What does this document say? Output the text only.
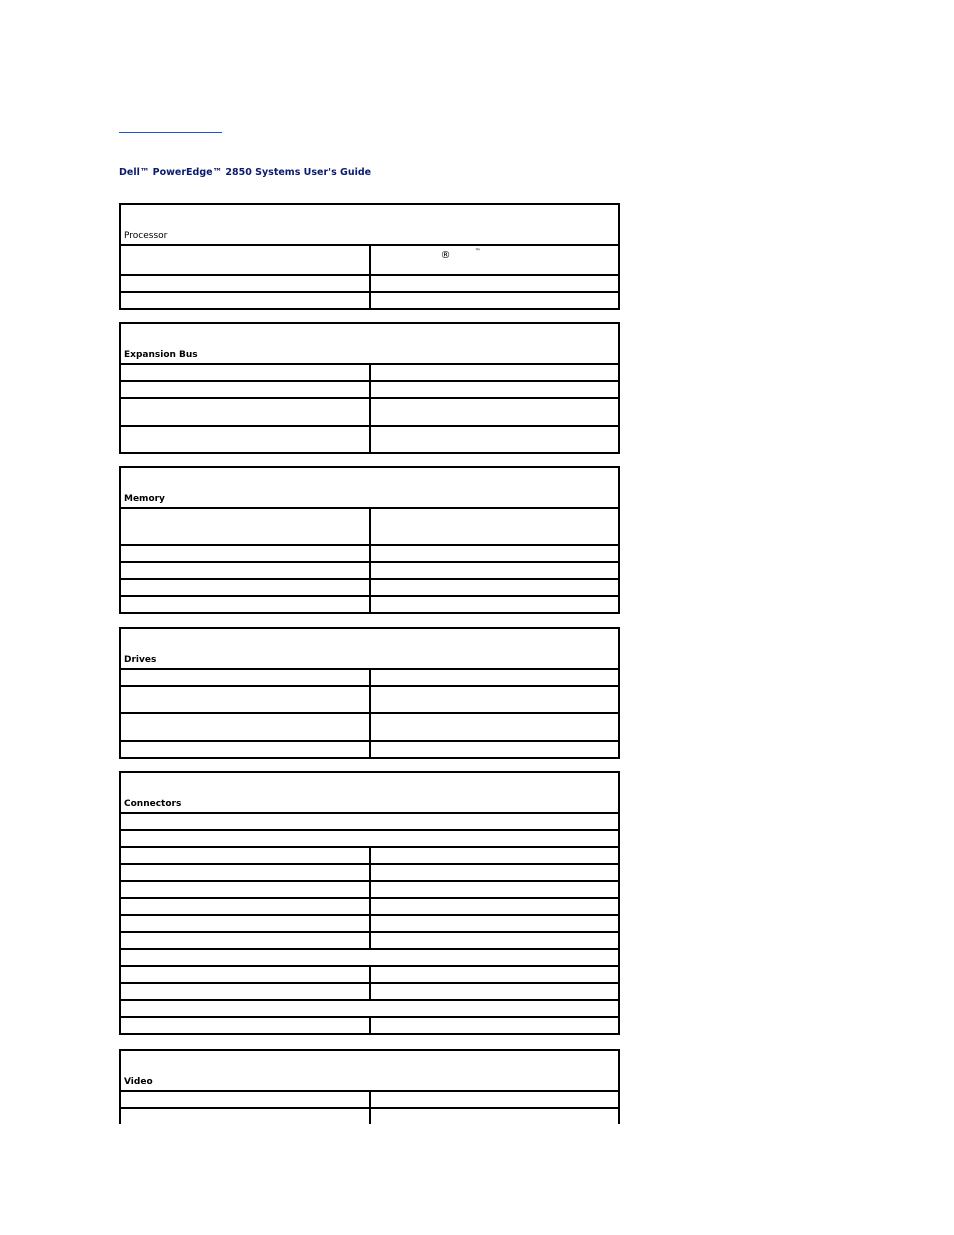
Dell™ PowerEdge™ 2850 Systems User's Guide
Processor	

	® ™

Expansion Bus	

Memory	

Drives	

Connectors	

Video	
